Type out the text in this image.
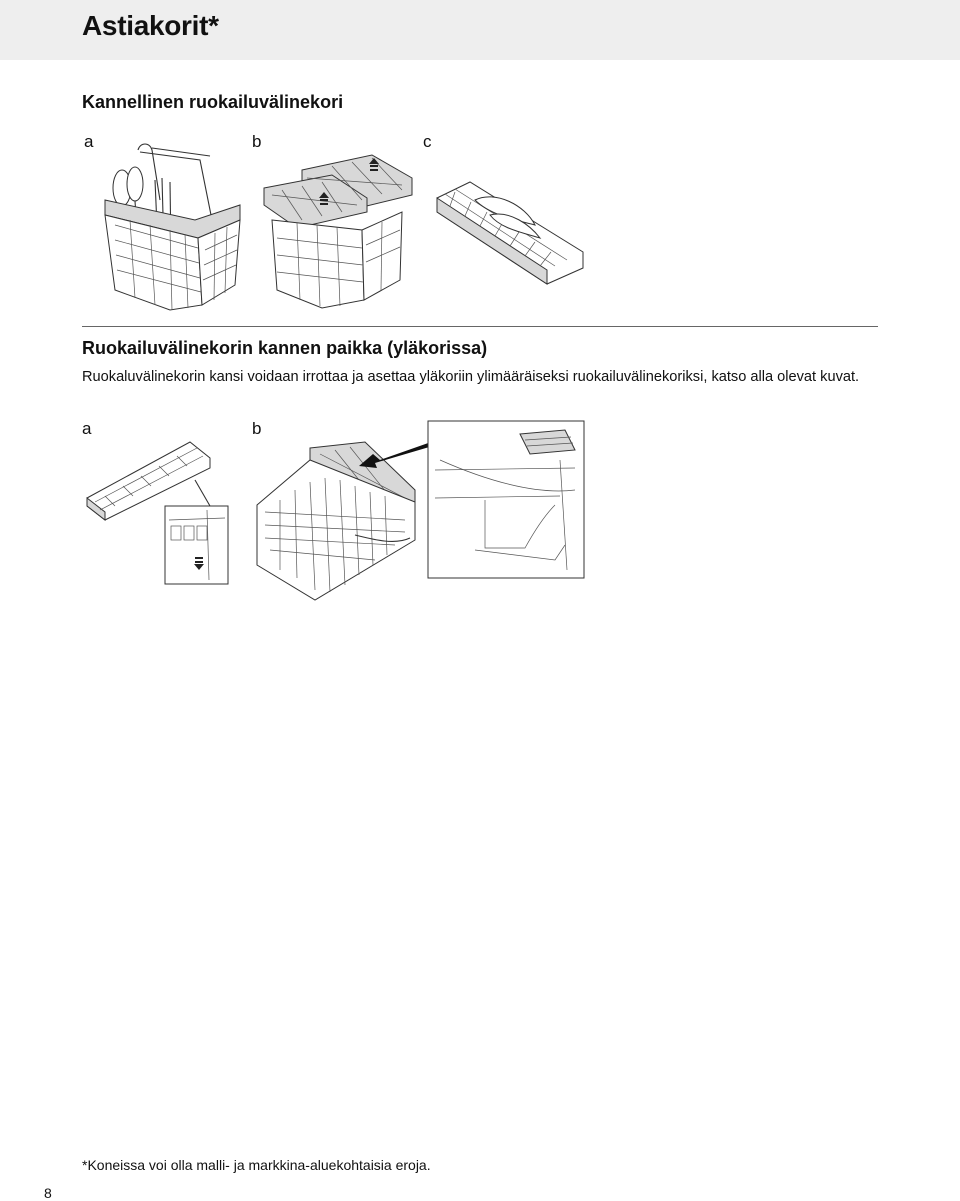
Astiakorit*
Kannellinen ruokailuvälinekori
a	b	c
Ruokailuvälinekorin kannen paikka (yläkorissa)
Ruokaluvälinekorin kansi voidaan irrottaa ja asettaa yläkoriin ylimääräiseksi ruokailuvälinekoriksi, katso alla olevat kuvat.
a	b
*Koneissa voi olla malli- ja markkina-aluekohtaisia eroja.
8
